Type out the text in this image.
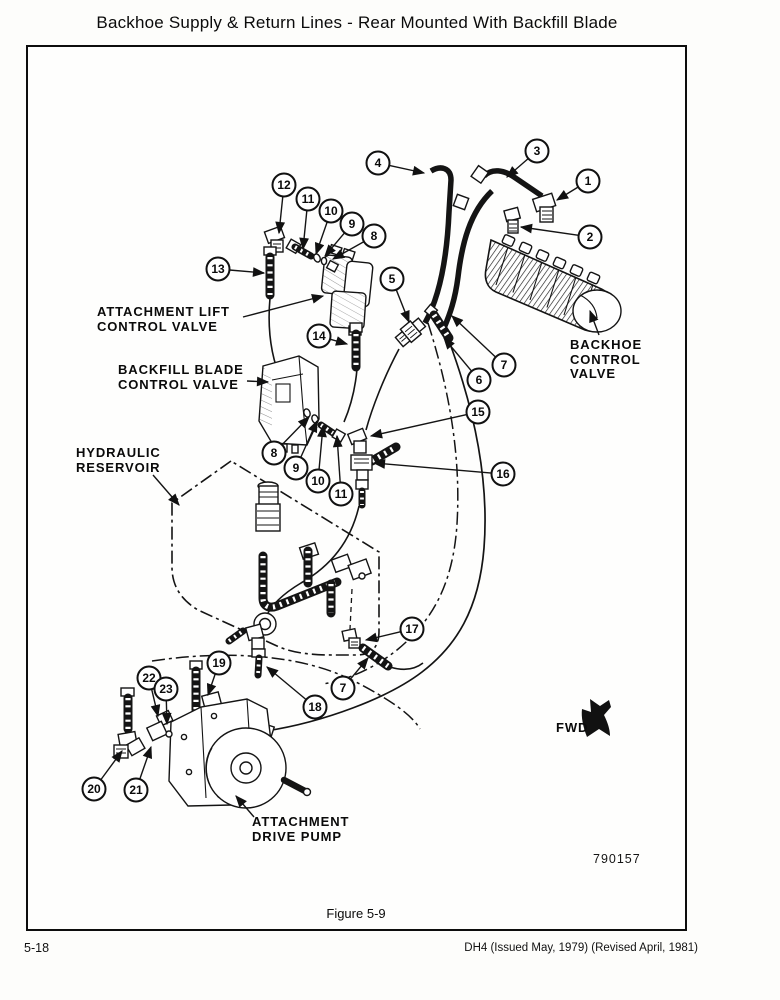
Backhoe Supply & Return Lines - Rear Mounted With Backfill Blade
790157
1
2
3
4
5
6
7
8
9
10
11
12
13
14
15
16
8
9
10
11
17
18
19
7
20 21
22
23
ATTACHMENT LIFT
CONTROL VALVE
BACKFILL BLADE
CONTROL VALVE
HYDRAULIC
RESERVOIR
BACKHOE
CONTROL
VALVE
ATTACHMENT
DRIVE PUMP
FWD
Figure 5-9
5-18	DH4 (Issued May, 1979) (Revised April, 1981)
